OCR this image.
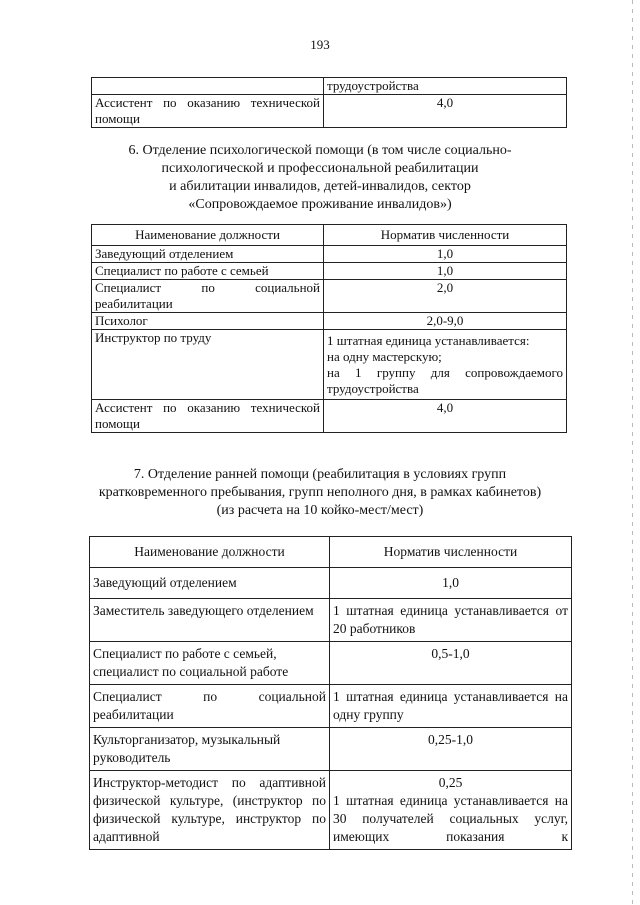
193
	трудоустройства
Ассистент по оказанию технической помощи	4,0
6. Отделение психологической помощи (в том числе социально-
психологической и профессиональной реабилитации
и абилитации инвалидов, детей-инвалидов, сектор
«Сопровождаемое проживание инвалидов»)
Наименование должности	Норматив численности
Заведующий отделением	1,0
Специалист по работе с семьей	1,0
Специалист по социальной реабилитации	2,0
Психолог	2,0-9,0
Инструктор по труду	1 штатная единица устанавливается:
на одну мастерскую;
на 1 группу для сопровождаемого трудоустройства

Ассистент по оказанию технической помощи	4,0
7. Отделение ранней помощи (реабилитация в условиях групп
кратковременного пребывания, групп неполного дня, в рамках кабинетов)
(из расчета на 10 койко-мест/мест)
Наименование должности	Норматив численности
Заведующий отделением	1,0
Заместитель заведующего отделением	1 штатная единица устанавливается от 20 работников
Специалист по работе с семьей, специалист по социальной работе	0,5-1,0
Специалист по социальной реабилитации	1 штатная единица устанавливается на одну группу
Культорганизатор, музыкальный руководитель	0,25-1,0
Инструктор-методист по адаптивной физической культуре, (инструктор по физической культуре, инструктор по адаптивной	0,25
1 штатная единица устанавливается на 30 получателей социальных услуг, имеющих показания к
